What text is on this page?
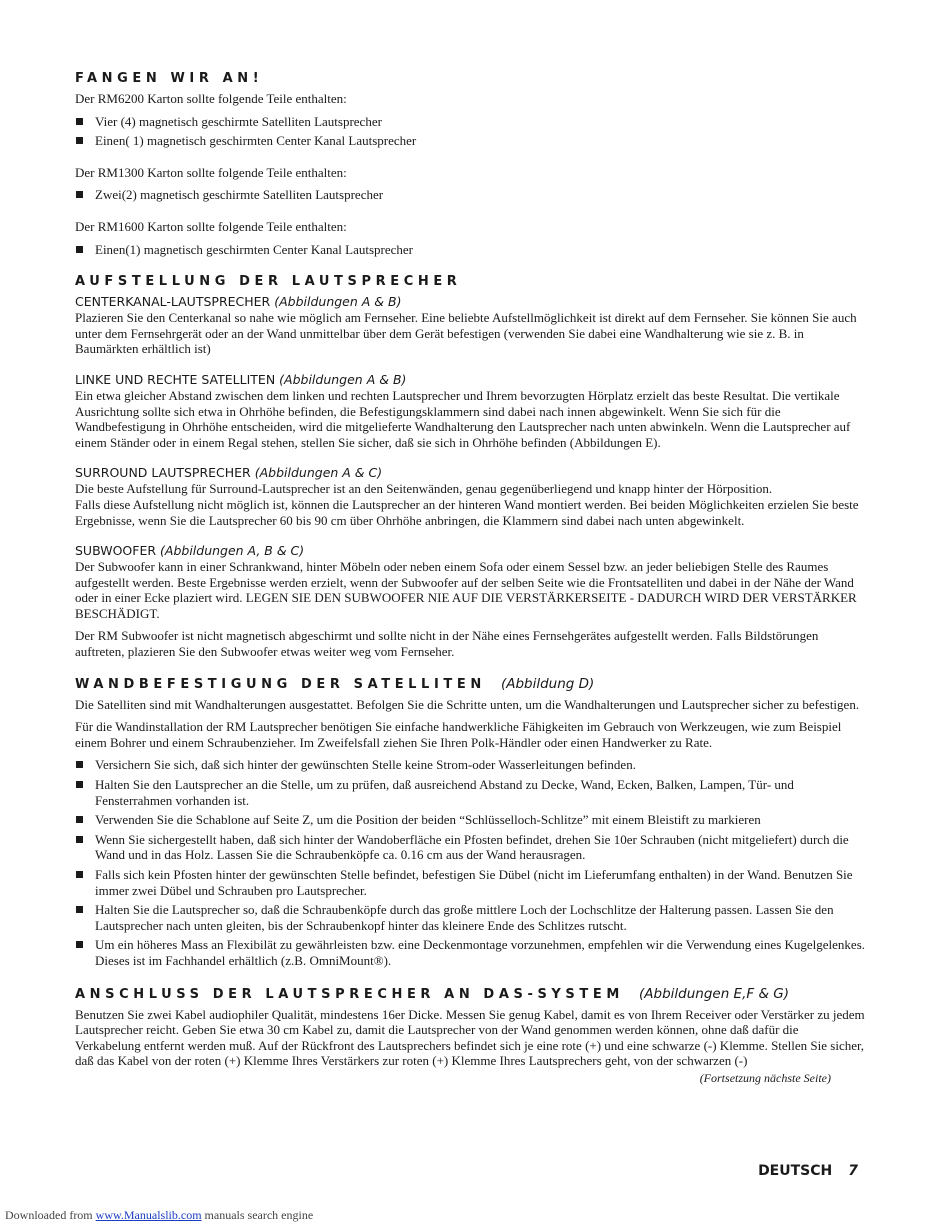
FANGEN WIR AN!

Der RM6200 Karton sollte folgende Teile enthalten:

Vier (4) magnetisch geschirmte Satelliten Lautsprecher
Einen( 1) magnetisch geschirmten Center Kanal Lautsprecher

Der RM1300 Karton sollte folgende Teile enthalten:

Zwei(2) magnetisch geschirmte Satelliten Lautsprecher

Der RM1600 Karton sollte folgende Teile enthalten:

Einen(1) magnetisch geschirmten Center Kanal Lautsprecher
AUFSTELLUNG DER LAUTSPRECHER
CENTERKANAL-LAUTSPRECHER (Abbildungen A & B)

Plazieren Sie den Centerkanal so nahe wie möglich am Fernseher. Eine beliebte Aufstellmöglichkeit ist direkt auf dem Fernseher. Sie können Sie auch unter dem Fernsehrgerät oder an der Wand unmittelbar über dem Gerät befestigen (verwenden Sie dabei eine Wandhalterung wie sie z. B. in Baumärkten erhältlich ist)

LINKE UND RECHTE SATELLITEN (Abbildungen A & B)

Ein etwa gleicher Abstand zwischen dem linken und rechten Lautsprecher und Ihrem bevorzugten Hörplatz erzielt das beste Resultat. Die vertikale Ausrichtung sollte sich etwa in Ohrhöhe befinden, die Befestigungsklammern sind dabei nach innen abgewinkelt. Wenn Sie sich für die Wandbefestigung in Ohrhöhe entscheiden, wird die mitgelieferte Wandhalterung den Lautsprecher nach unten abwinkeln. Wenn die Lautsprecher auf einem Ständer oder in einem Regal stehen, stellen Sie sicher, daß sie sich in Ohrhöhe befinden (Abbildungen E).

SURROUND LAUTSPRECHER (Abbildungen A & C)

Die beste Aufstellung für Surround-Lautsprecher ist an den Seitenwänden, genau gegenüberliegend und knapp hinter der Hörposition.

Falls diese Aufstellung nicht möglich ist, können die Lautsprecher an der hinteren Wand montiert werden. Bei beiden Möglichkeiten erzielen Sie beste Ergebnisse, wenn Sie die Lautsprecher 60 bis 90 cm über Ohrhöhe anbringen, die Klammern sind dabei nach unten abgewinkelt.

SUBWOOFER (Abbildungen A, B & C)

Der Subwoofer kann in einer Schrankwand, hinter Möbeln oder neben einem Sofa oder einem Sessel bzw. an jeder beliebigen Stelle des Raumes aufgestellt werden. Beste Ergebnisse werden erzielt, wenn der Subwoofer auf der selben Seite wie die Frontsatelliten und dabei in der Nähe der Wand oder in einer Ecke plaziert wird. LEGEN SIE DEN SUBWOOFER NIE AUF DIE VERSTÄRKERSEITE - DADURCH WIRD DER VERSTÄRKER BESCHÄDIGT.

Der RM Subwoofer ist nicht magnetisch abgeschirmt und sollte nicht in der Nähe eines Fernsehgerätes aufgestellt werden. Falls Bildstörungen auftreten, plazieren Sie den Subwoofer etwas weiter weg vom Fernseher.

WANDBEFESTIGUNG DER SATELLITEN (Abbildung D)

Die Satelliten sind mit Wandhalterungen ausgestattet. Befolgen Sie die Schritte unten, um die Wandhalterungen und Lautsprecher sicher zu befestigen.

Für die Wandinstallation der RM Lautsprecher benötigen Sie einfache handwerkliche Fähigkeiten im Gebrauch von Werkzeugen, wie zum Beispiel einem Bohrer und einem Schraubenzieher. Im Zweifelsfall ziehen Sie Ihren Polk-Händler oder einen Handwerker zu Rate.

Versichern Sie sich, daß sich hinter der gewünschten Stelle keine Strom-oder Wasserleitungen befinden.
Halten Sie den Lautsprecher an die Stelle, um zu prüfen, daß ausreichend Abstand zu Decke, Wand, Ecken, Balken, Lampen, Tür- und Fensterrahmen vorhanden ist.
Verwenden Sie die Schablone auf Seite Z, um die Position der beiden “Schlüsselloch-Schlitze” mit einem Bleistift zu markieren
Wenn Sie sichergestellt haben, daß sich hinter der Wandoberfläche ein Pfosten befindet, drehen Sie 10er Schrauben (nicht mitgeliefert) durch die Wand und in das Holz. Lassen Sie die Schraubenköpfe ca. 0.16 cm aus der Wand herausragen.
Falls sich kein Pfosten hinter der gewünschten Stelle befindet, befestigen Sie Dübel (nicht im Lieferumfang enthalten) in der Wand. Benutzen Sie immer zwei Dübel und Schrauben pro Lautsprecher.
Halten Sie die Lautsprecher so, daß die Schraubenköpfe durch das große mittlere Loch der Lochschlitze der Halterung passen. Lassen Sie den Lautsprecher nach unten gleiten, bis der Schraubenkopf hinter das kleinere Ende des Schlitzes rutscht.
Um ein höheres Mass an Flexibilät zu gewährleisten bzw. eine Deckenmontage vorzunehmen, empfehlen wir die Verwendung eines Kugelgelenkes. Dieses ist im Fachhandel erhältlich (z.B. OmniMount®).
ANSCHLUSS DER LAUTSPRECHER AN DAS-SYSTEM (Abbildungen E,F & G)

Benutzen Sie zwei Kabel audiophiler Qualität, mindestens 16er Dicke. Messen Sie genug Kabel, damit es von Ihrem Receiver oder Verstärker zu jedem Lautsprecher reicht. Geben Sie etwa 30 cm Kabel zu, damit die Lautsprecher von der Wand genommen werden können, ohne daß dafür die Verkabelung entfernt werden muß. Auf der Rückfront des Lautsprechers befindet sich je eine rote (+) und eine schwarze (-) Klemme. Stellen Sie sicher, daß das Kabel von der roten (+) Klemme Ihres Verstärkers zur roten (+) Klemme Ihres Lautsprechers geht, von der schwarzen (-)

(Fortsetzung nächste Seite)
DEUTSCH 7
Downloaded from www.Manualslib.com manuals search engine
